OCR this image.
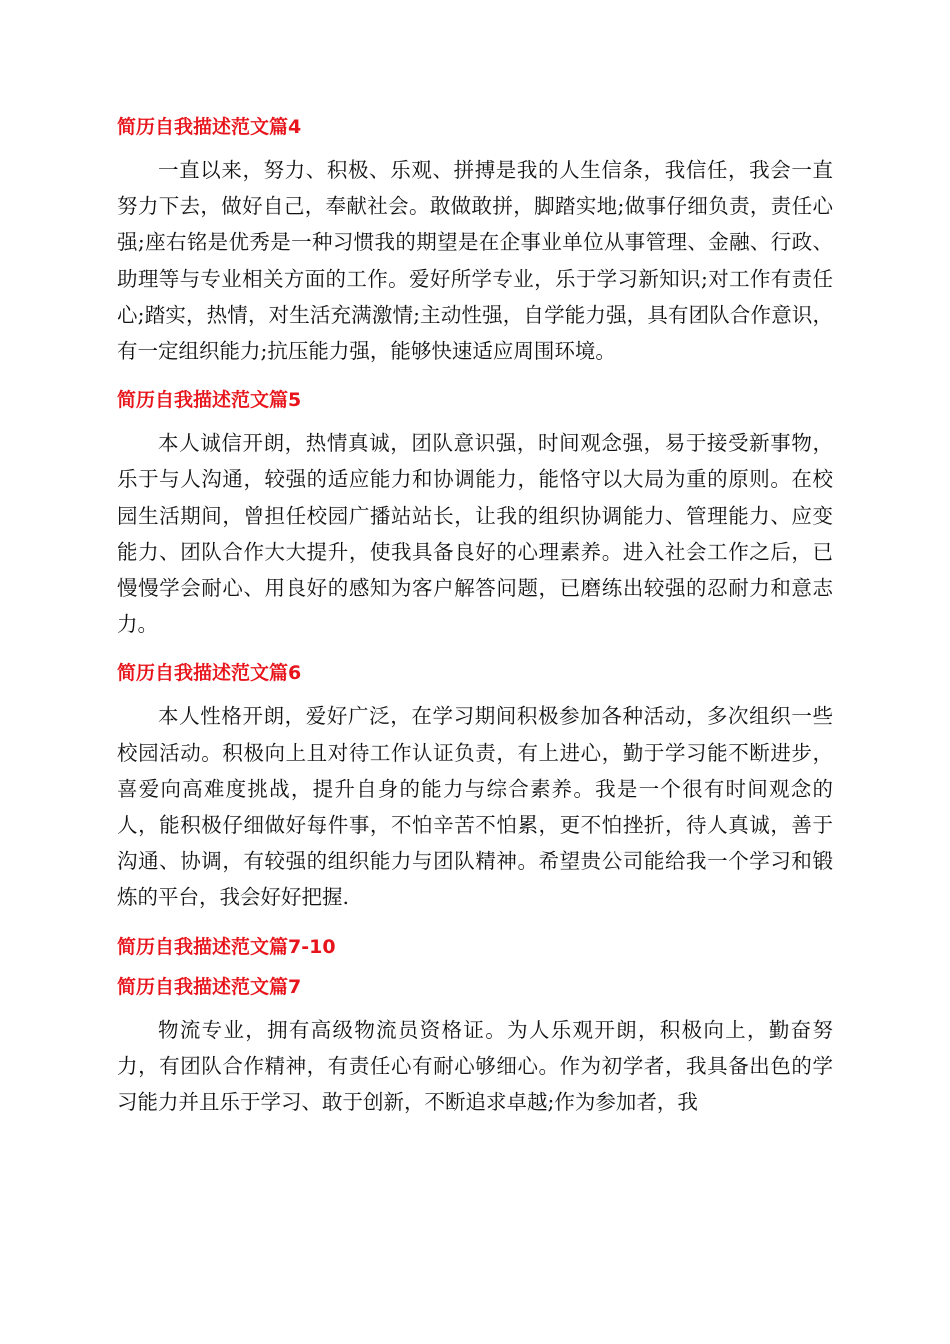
简历自我描述范文篇4

一直以来，努力、积极、乐观、拼搏是我的人生信条，我信任，我会一直努力下去，做好自己，奉献社会。敢做敢拼，脚踏实地;做事仔细负责，责任心强;座右铭是优秀是一种习惯我的期望是在企事业单位从事管理、金融、行政、助理等与专业相关方面的工作。爱好所学专业，乐于学习新知识;对工作有责任心;踏实，热情，对生活充满激情;主动性强，自学能力强，具有团队合作意识，有一定组织能力;抗压能力强，能够快速适应周围环境。

简历自我描述范文篇5

本人诚信开朗，热情真诚，团队意识强，时间观念强，易于接受新事物，乐于与人沟通，较强的适应能力和协调能力，能恪守以大局为重的原则。在校园生活期间，曾担任校园广播站站长，让我的组织协调能力、管理能力、应变能力、团队合作大大提升，使我具备良好的心理素养。进入社会工作之后，已慢慢学会耐心、用良好的感知为客户解答问题，已磨练出较强的忍耐力和意志力。

简历自我描述范文篇6

本人性格开朗，爱好广泛，在学习期间积极参加各种活动，多次组织一些校园活动。积极向上且对待工作认证负责，有上进心，勤于学习能不断进步，喜爱向高难度挑战，提升自身的能力与综合素养。我是一个很有时间观念的人，能积极仔细做好每件事，不怕辛苦不怕累，更不怕挫折，待人真诚，善于沟通、协调，有较强的组织能力与团队精神。希望贵公司能给我一个学习和锻炼的平台，我会好好把握.

简历自我描述范文篇7-10
简历自我描述范文篇7

物流专业，拥有高级物流员资格证。为人乐观开朗，积极向上，勤奋努力，有团队合作精神，有责任心有耐心够细心。作为初学者，我具备出色的学习能力并且乐于学习、敢于创新，不断追求卓越;作为参加者，我
